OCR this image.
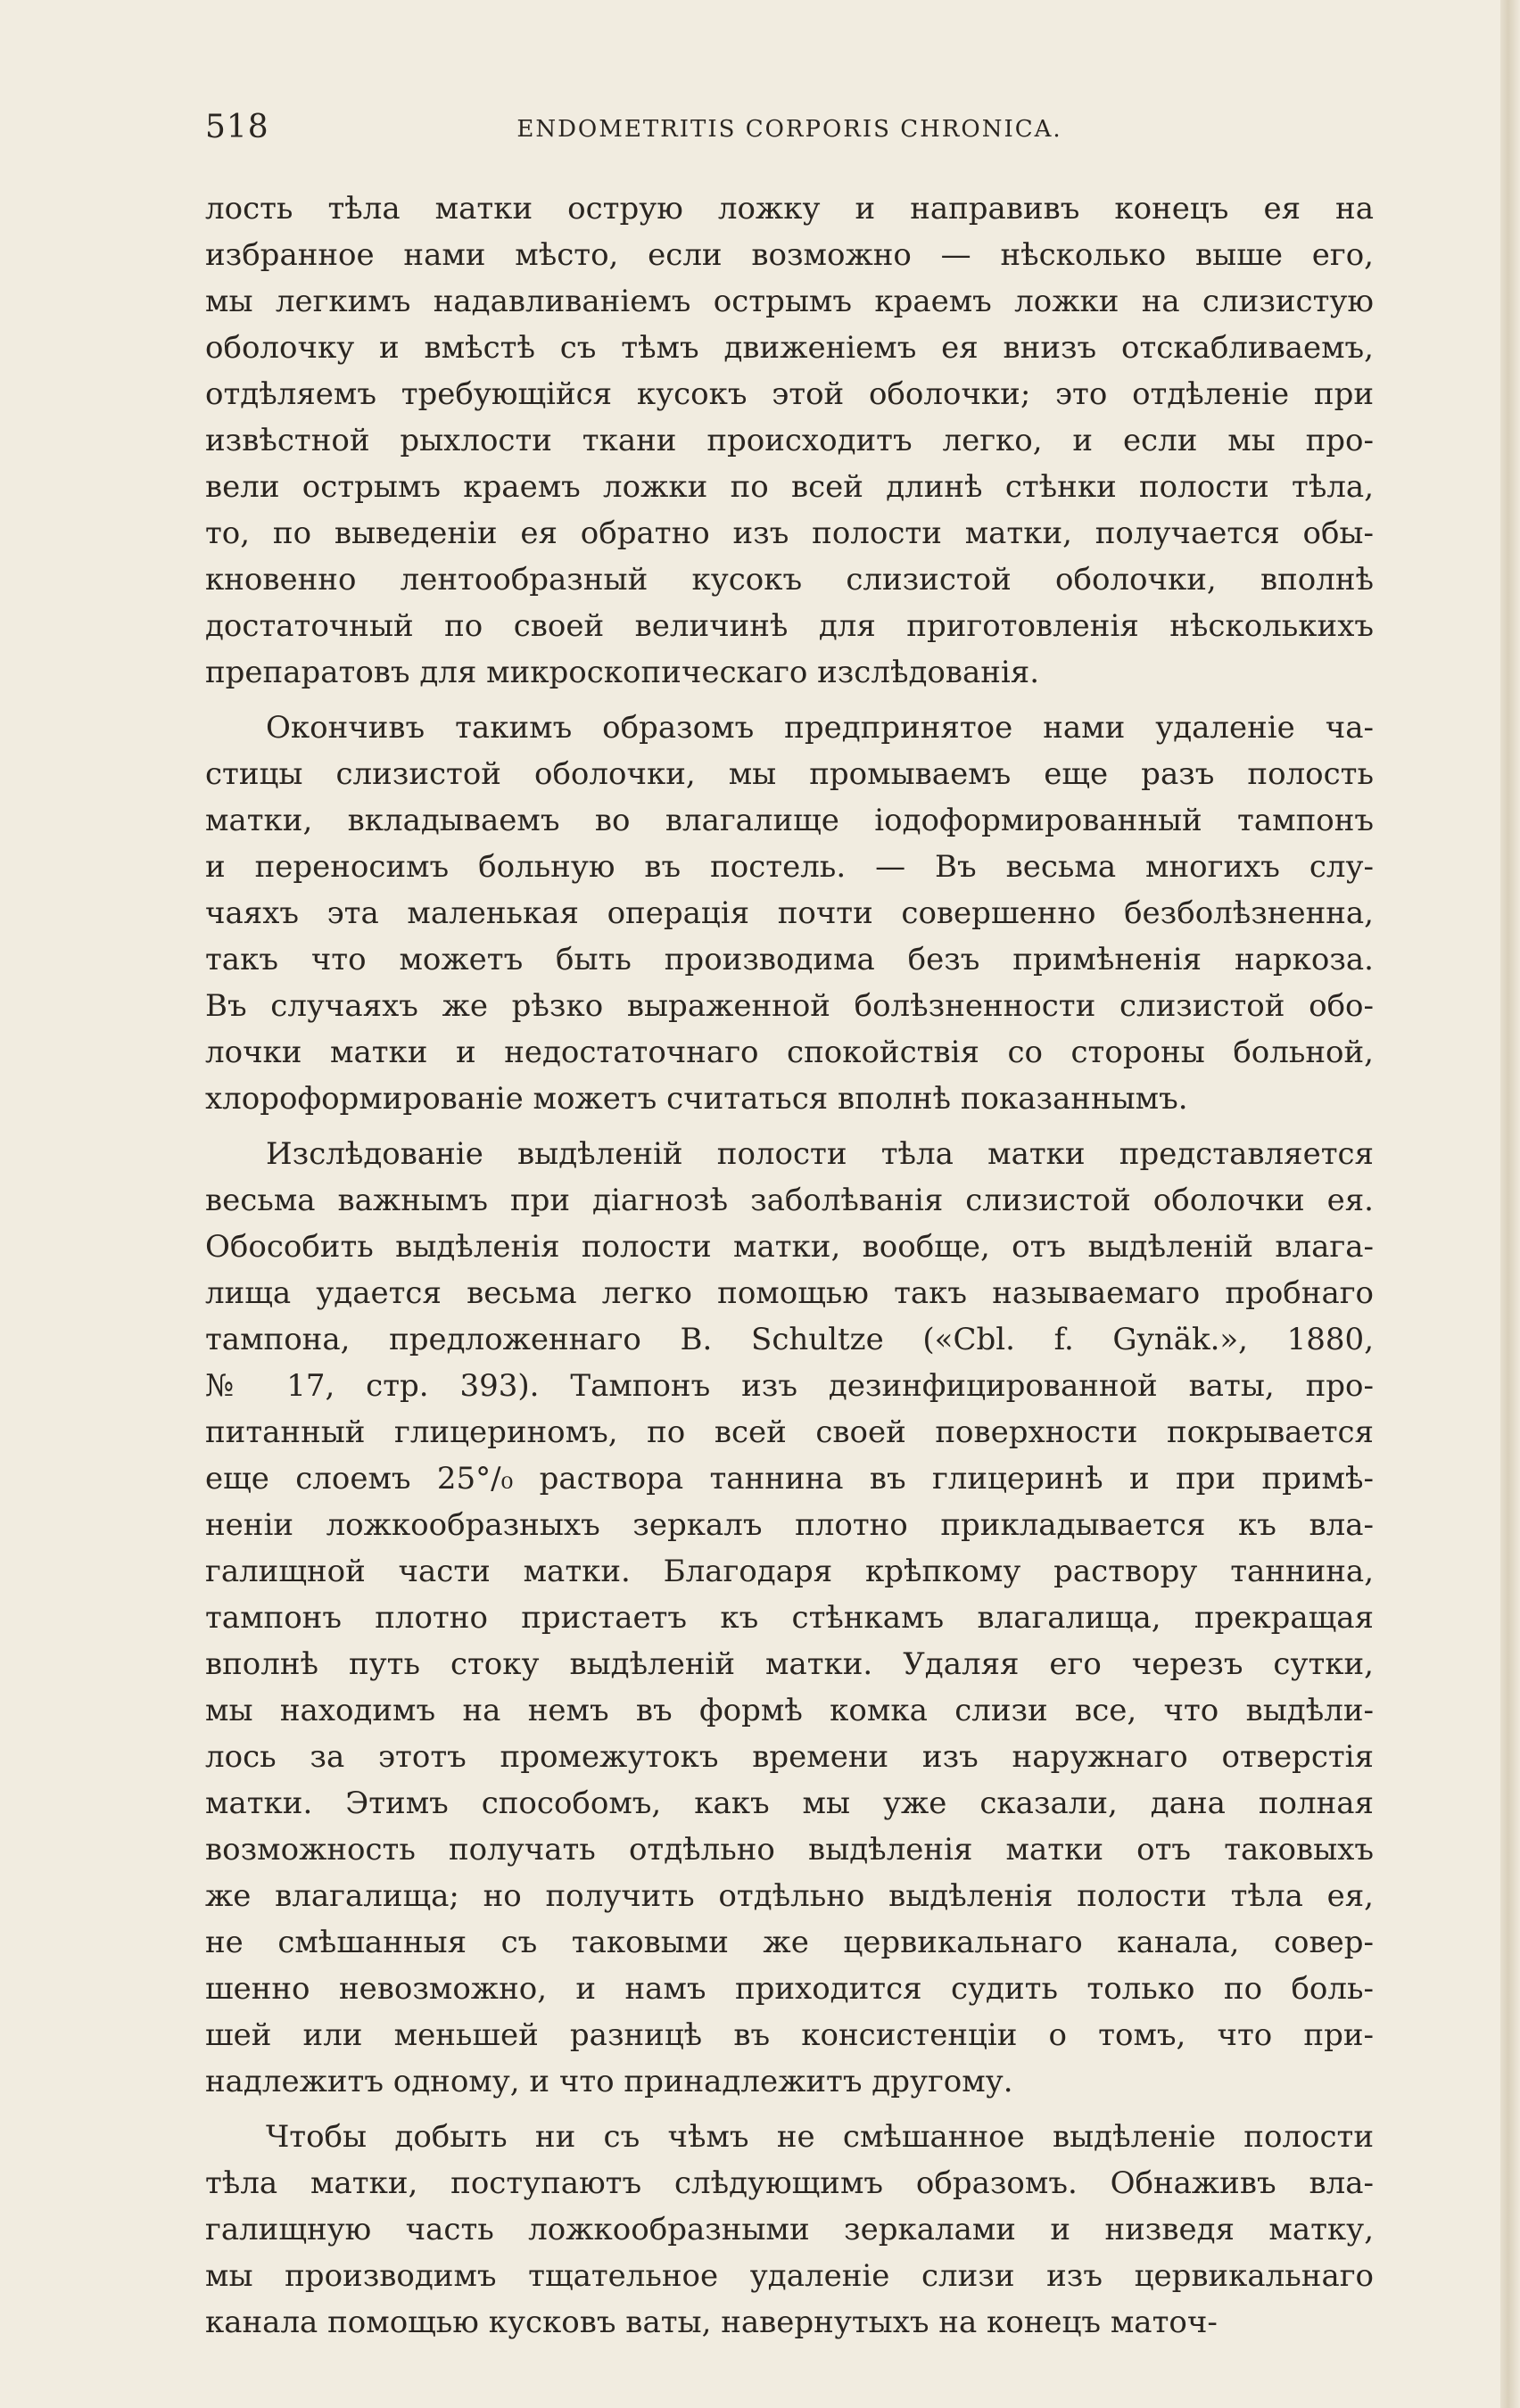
518	ENDOMETRITIS CORPORIS CHRONICA.
лость тѣла матки острую ложку и направивъ конецъ ея на
избранное нами мѣсто, если возможно — нѣсколько выше его,
мы легкимъ надавливаніемъ острымъ краемъ ложки на слизистую
оболочку и вмѣстѣ съ тѣмъ движеніемъ ея внизъ отскабливаемъ,
отдѣляемъ требующійся кусокъ этой оболочки; это отдѣленіе при
извѣстной рыхлости ткани происходитъ легко, и если мы про-
вели острымъ краемъ ложки по всей длинѣ стѣнки полости тѣла,
то, по выведеніи ея обратно изъ полости матки, получается обы-
кновенно лентообразный кусокъ слизистой оболочки, вполнѣ
достаточный по своей величинѣ для приготовленія нѣсколькихъ
препаратовъ для микроскопическаго изслѣдованія.
Окончивъ такимъ образомъ предпринятое нами удаленіе ча-
стицы слизистой оболочки, мы промываемъ еще разъ полость
матки, вкладываемъ во влагалище іодоформированный тампонъ
и переносимъ больную въ постель. — Въ весьма многихъ слу-
чаяхъ эта маленькая операція почти совершенно безболѣзненна,
такъ что можетъ быть производима безъ примѣненія наркоза.
Въ случаяхъ же рѣзко выраженной болѣзненности слизистой обо-
лочки матки и недостаточнаго спокойствія со стороны больной,
хлороформированіе можетъ считаться вполнѣ показаннымъ.
Изслѣдованіе выдѣленій полости тѣла матки представляется
весьма важнымъ при діагнозѣ заболѣванія слизистой оболочки ея.
Обособить выдѣленія полости матки, вообще, отъ выдѣленій влага-
лища удается весьма легко помощью такъ называемаго пробнаго
тампона, предложеннаго B. Schultze («Cbl. f. Gynäk.», 1880,
№ 17, стр. 393). Тампонъ изъ дезинфицированной ваты, про-
питанный глицериномъ, по всей своей поверхности покрывается
еще слоемъ 25°/₀ раствора таннина въ глицеринѣ и при примѣ-
неніи ложкообразныхъ зеркалъ плотно прикладывается къ вла-
галищной части матки. Благодаря крѣпкому раствору таннина,
тампонъ плотно пристаетъ къ стѣнкамъ влагалища, прекращая
вполнѣ путь стоку выдѣленій матки. Удаляя его черезъ сутки,
мы находимъ на немъ въ формѣ комка слизи все, что выдѣли-
лось за этотъ промежутокъ времени изъ наружнаго отверстія
матки. Этимъ способомъ, какъ мы уже сказали, дана полная
возможность получать отдѣльно выдѣленія матки отъ таковыхъ
же влагалища; но получить отдѣльно выдѣленія полости тѣла ея,
не смѣшанныя съ таковыми же цервикальнаго канала, совер-
шенно невозможно, и намъ приходится судить только по боль-
шей или меньшей разницѣ въ консистенціи о томъ, что при-
надлежитъ одному, и что принадлежитъ другому.
Чтобы добыть ни съ чѣмъ не смѣшанное выдѣленіе полости
тѣла матки, поступаютъ слѣдующимъ образомъ. Обнаживъ вла-
галищную часть ложкообразными зеркалами и низведя матку,
мы производимъ тщательное удаленіе слизи изъ цервикальнаго
канала помощью кусковъ ваты, навернутыхъ на конецъ маточ-
